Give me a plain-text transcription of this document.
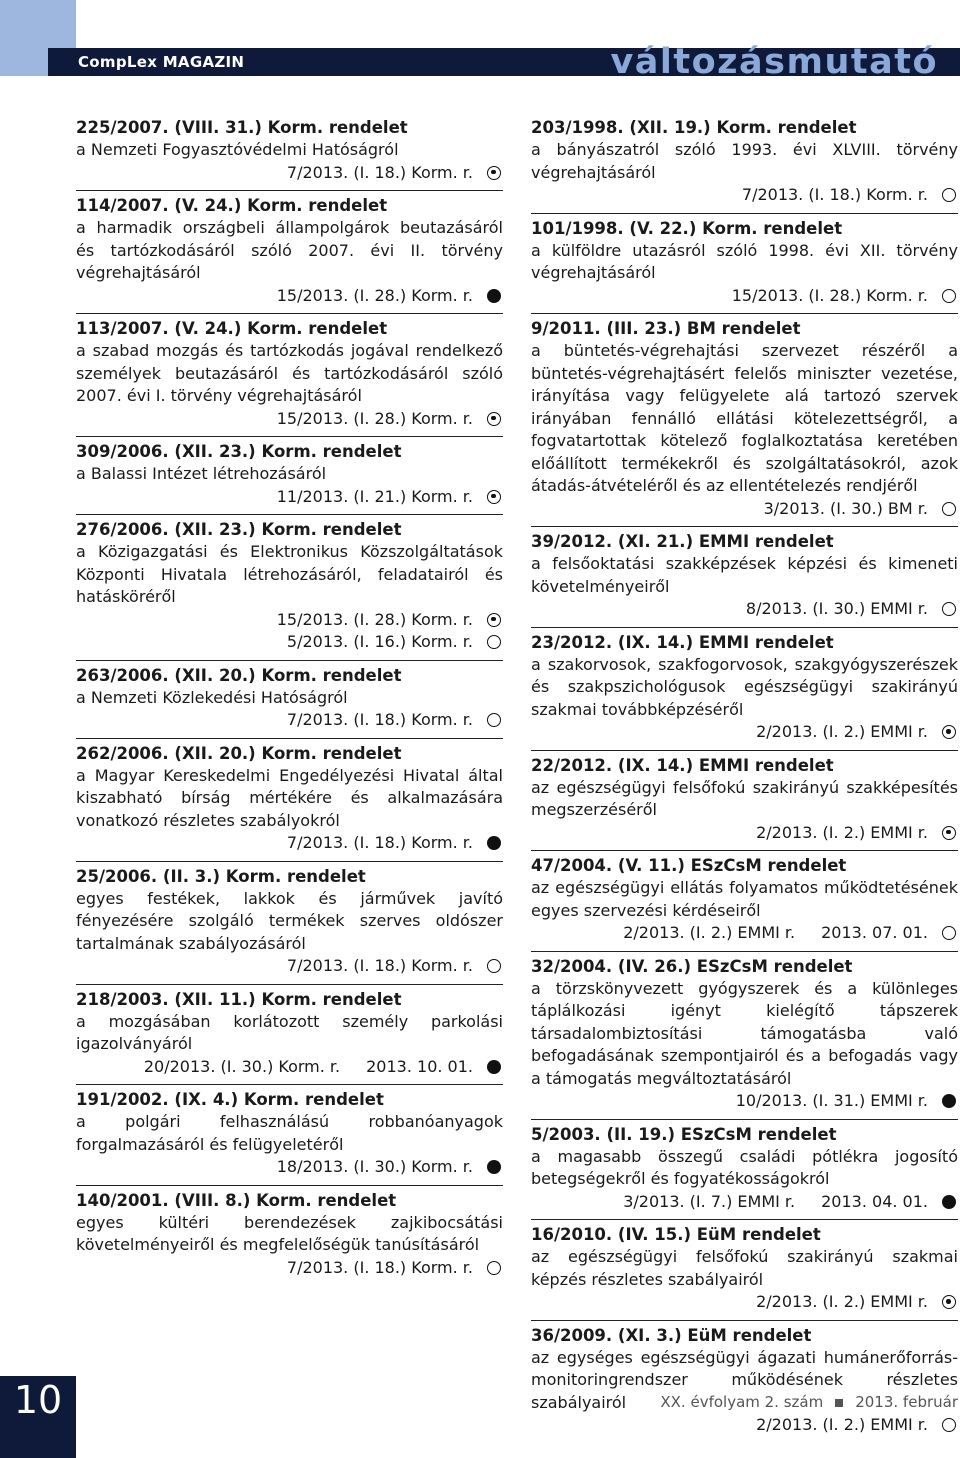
CompLex MAGAZIN	változásmutató
225/2007. (VIII. 31.) Korm. rendelet
a Nemzeti Fogyasztóvédelmi Hatóságról
7/2013. (I. 18.) Korm. r.
114/2007. (V. 24.) Korm. rendelet
a harmadik országbeli állampolgárok beutazásáról és tartózkodásáról szóló 2007. évi II. törvény végrehajtásáról
15/2013. (I. 28.) Korm. r.
113/2007. (V. 24.) Korm. rendelet
a szabad mozgás és tartózkodás jogával rendelkező személyek beutazásáról és tartózkodásáról szóló 2007. évi I. törvény végrehajtásáról
15/2013. (I. 28.) Korm. r.
309/2006. (XII. 23.) Korm. rendelet
a Balassi Intézet létrehozásáról
11/2013. (I. 21.) Korm. r.
276/2006. (XII. 23.) Korm. rendelet
a Közigazgatási és Elektronikus Közszolgáltatások Központi Hivatala létrehozásáról, feladatairól és hatásköréről
15/2013. (I. 28.) Korm. r.
5/2013. (I. 16.) Korm. r.
263/2006. (XII. 20.) Korm. rendelet
a Nemzeti Közlekedési Hatóságról
7/2013. (I. 18.) Korm. r.
262/2006. (XII. 20.) Korm. rendelet
a Magyar Kereskedelmi Engedélyezési Hivatal által kiszabható bírság mértékére és alkalmazására vonatkozó részletes szabályokról
7/2013. (I. 18.) Korm. r.
25/2006. (II. 3.) Korm. rendelet
egyes festékek, lakkok és járművek javító fényezésére szolgáló termékek szerves oldószer tartalmának szabályozásáról
7/2013. (I. 18.) Korm. r.
218/2003. (XII. 11.) Korm. rendelet
a mozgásában korlátozott személy parkolási igazolványáról
20/2013. (I. 30.) Korm. r. 2013. 10. 01.
191/2002. (IX. 4.) Korm. rendelet
a polgári felhasználású robbanóanyagok forgalmazásáról és felügyeletéről
18/2013. (I. 30.) Korm. r.
140/2001. (VIII. 8.) Korm. rendelet
egyes kültéri berendezések zajkibocsátási követelményeiről és megfelelőségük tanúsításáról
7/2013. (I. 18.) Korm. r.
203/1998. (XII. 19.) Korm. rendelet
a bányászatról szóló 1993. évi XLVIII. törvény végrehajtásáról
7/2013. (I. 18.) Korm. r.
101/1998. (V. 22.) Korm. rendelet
a külföldre utazásról szóló 1998. évi XII. törvény végrehajtásáról
15/2013. (I. 28.) Korm. r.
9/2011. (III. 23.) BM rendelet
a büntetés-végrehajtási szervezet részéről a büntetés-végrehajtásért felelős miniszter vezetése, irányítása vagy felügyelete alá tartozó szervek irányában fennálló ellátási kötelezettségről, a fogvatartottak kötelező foglalkoztatása keretében előállított termékekről és szolgáltatásokról, azok átadás-átvételéről és az ellentételezés rendjéről
3/2013. (I. 30.) BM r.
39/2012. (XI. 21.) EMMI rendelet
a felsőoktatási szakképzések képzési és kimeneti követelményeiről
8/2013. (I. 30.) EMMI r.
23/2012. (IX. 14.) EMMI rendelet
a szakorvosok, szakfogorvosok, szakgyógyszerészek és szakpszichológusok egészségügyi szakirányú szakmai továbbképzéséről
2/2013. (I. 2.) EMMI r.
22/2012. (IX. 14.) EMMI rendelet
az egészségügyi felsőfokú szakirányú szakképesítés megszerzéséről
2/2013. (I. 2.) EMMI r.
47/2004. (V. 11.) ESzCsM rendelet
az egészségügyi ellátás folyamatos működtetésének egyes szervezési kérdéseiről
2/2013. (I. 2.) EMMI r. 2013. 07. 01.
32/2004. (IV. 26.) ESzCsM rendelet
a törzskönyvezett gyógyszerek és a különleges táplálkozási igényt kielégítő tápszerek társadalombiztosítási támogatásba való befogadásának szempontjairól és a befogadás vagy a támogatás megváltoztatásáról
10/2013. (I. 31.) EMMI r.
5/2003. (II. 19.) ESzCsM rendelet
a magasabb összegű családi pótlékra jogosító betegségekről és fogyatékosságokról
3/2013. (I. 7.) EMMI r. 2013. 04. 01.
16/2010. (IV. 15.) EüM rendelet
az egészségügyi felsőfokú szakirányú szakmai képzés részletes szabályairól
2/2013. (I. 2.) EMMI r.
36/2009. (XI. 3.) EüM rendelet
az egységes egészségügyi ágazati humánerőforrás-monitoringrendszer működésének részletes szabályairól
2/2013. (I. 2.) EMMI r.
10	XX. évfolyam 2. szám 2013. február
